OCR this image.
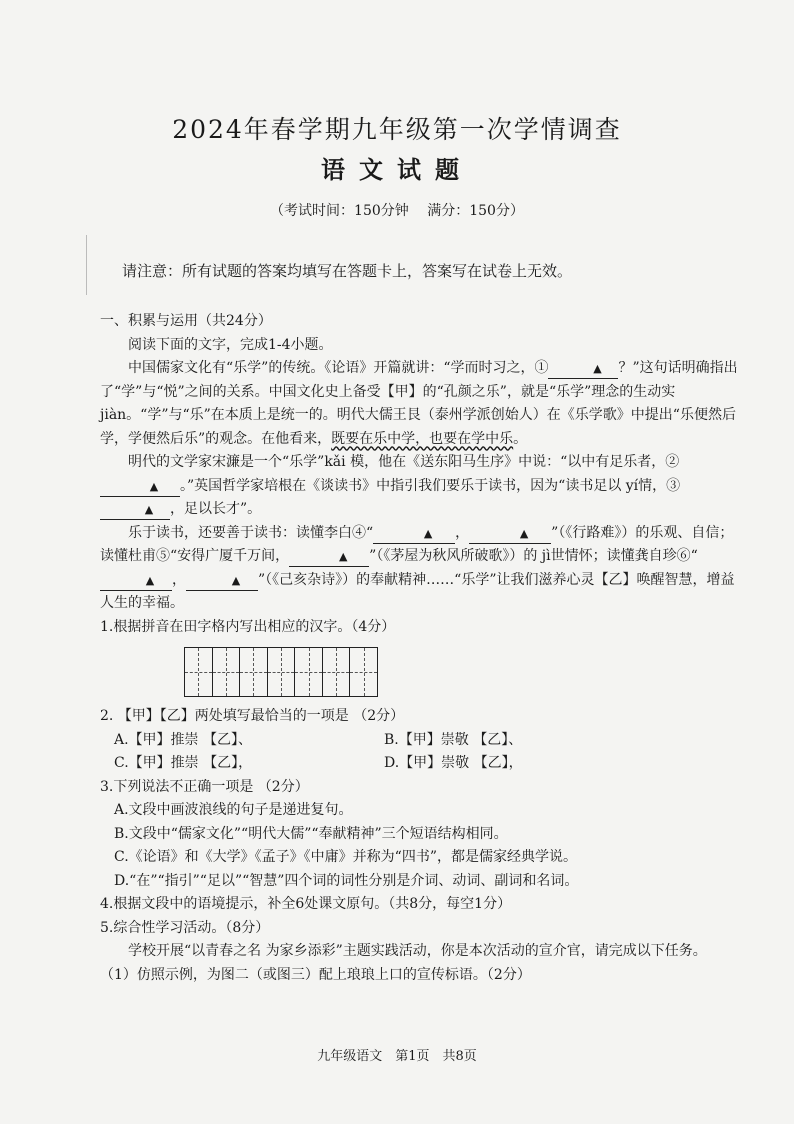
2024年春学期九年级第一次学情调查
语文试题
（考试时间：150分钟　 满分：150分）
请注意：所有试题的答案均填写在答题卡上，答案写在试卷上无效。

一、积累与运用（共24分）

阅读下面的文字，完成1-4小题。

中国儒家文化有“乐学”的传统。《论语》开篇就讲：“学而时习之，①	▲ ？”这句话明确指出了“学”与“悦”之间的关系。中国文化史上备受【甲】的“孔颜之乐”，就是“乐学”理念的生动实 jiàn。“学”与“乐”在本质上是统一的。明代大儒王艮（泰州学派创始人）在《乐学歌》中提出“乐便然后学，学便然后乐”的观念。在他看来，既要在乐中学，也要在学中乐。

明代的文学家宋濂是一个“乐学”kǎi 模，他在《送东阳马生序》中说：“以中有足乐者，②▲ 。”英国哲学家培根在《谈读书》中指引我们要乐于读书，因为“读书足以 yí情，③▲ ，足以长才”。

乐于读书，还要善于读书：读懂李白④“	▲ ，	▲ ”（《行路难》）的乐观、自信；读懂杜甫⑤“安得广厦千万间，	▲ ”（《茅屋为秋风所破歌》）的 jì世情怀；读懂龚自珍⑥“▲ ，	▲ ”（《己亥杂诗》）的奉献精神……“乐学”让我们滋养心灵【乙】唤醒智慧，增益人生的幸福。

1.根据拼音在田字格内写出相应的汉字。（4分）

2. 【甲】【乙】两处填写最恰当的一项是 （2分）

A.【甲】推崇 【乙】、	B.【甲】崇敬 【乙】、
C.【甲】推崇 【乙】，	D.【甲】崇敬 【乙】，

3.下列说法不正确一项是 （2分）

A.文段中画波浪线的句子是递进复句。

B.文段中“儒家文化”“明代大儒”“奉献精神”三个短语结构相同。

C.《论语》和《大学》《孟子》《中庸》并称为“四书”，都是儒家经典学说。

D.“在”“指引”“足以”“智慧”四个词的词性分别是介词、动词、副词和名词。

4.根据文段中的语境提示，补全6处课文原句。（共8分，每空1分）

5.综合性学习活动。（8分）

学校开展“以青春之名 为家乡添彩”主题实践活动，你是本次活动的宣介官，请完成以下任务。

（1）仿照示例，为图二（或图三）配上琅琅上口的宣传标语。（2分）

九年级语文　第1页　共8页
